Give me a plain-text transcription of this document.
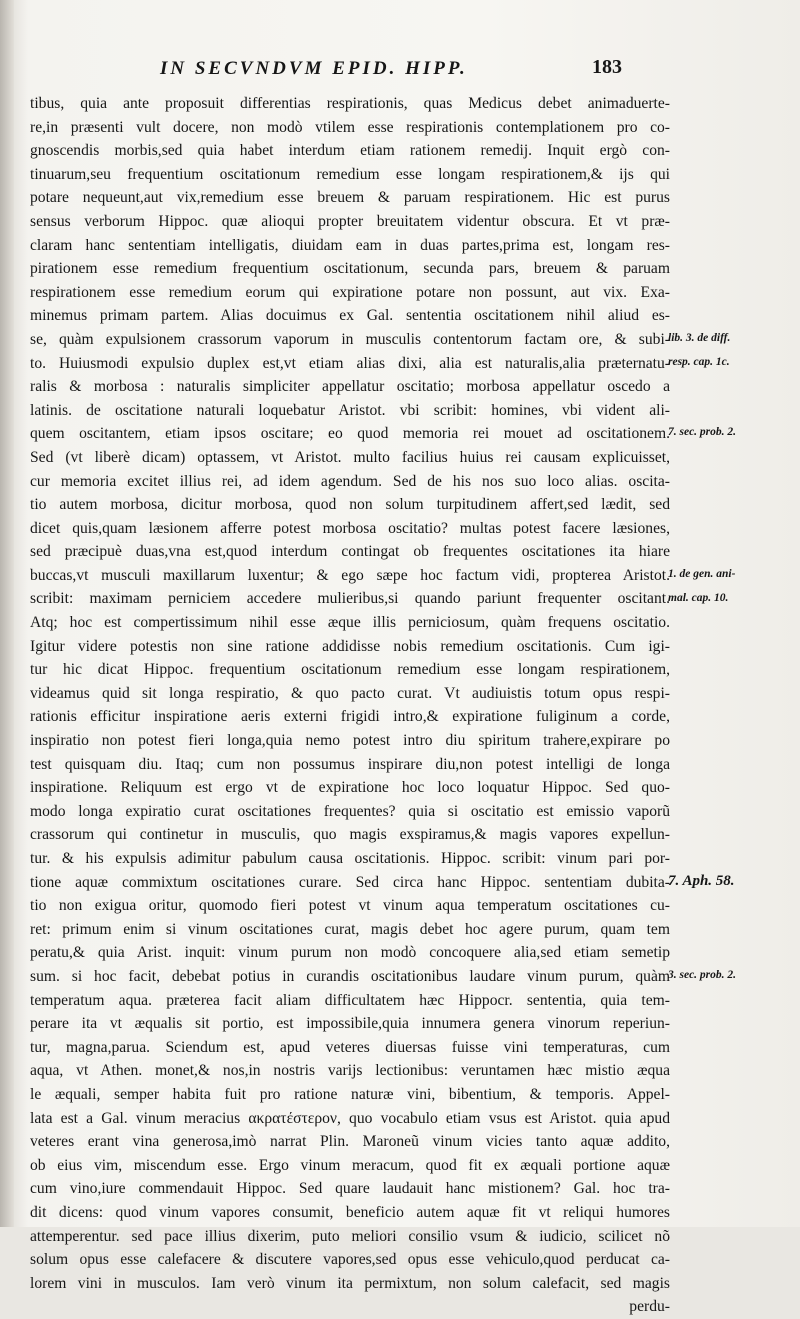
IN SECVNDVM EPID. HIPP.	183
tibus, quia ante proposuit differentias respirationis, quas Medicus debet animaduerte-
re,in præsenti vult docere, non modò vtilem esse respirationis contemplationem pro co-
gnoscendis morbis,sed quia habet interdum etiam rationem remedij. Inquit ergò con-
tinuarum,seu frequentium oscitationum remedium esse longam respirationem,& ijs qui
potare nequeunt,aut vix,remedium esse breuem & paruam respirationem. Hic est purus
sensus verborum Hippoc. quæ alioqui propter breuitatem videntur obscura. Et vt præ-
claram hanc sententiam intelligatis, diuidam eam in duas partes,prima est, longam res-
pirationem esse remedium frequentium oscitationum, secunda pars, breuem & paruam
respirationem esse remedium eorum qui expiratione potare non possunt, aut vix. Exa-
minemus primam partem. Alias docuimus ex Gal. sententia oscitationem nihil aliud es-
se, quàm expulsionem crassorum vaporum in musculis contentorum factam ore, & subi-
to. Huiusmodi expulsio duplex est,vt etiam alias dixi, alia est naturalis,alia præternatu-
ralis & morbosa : naturalis simpliciter appellatur oscitatio; morbosa appellatur oscedo a
latinis. de oscitatione naturali loquebatur Aristot. vbi scribit: homines, vbi vident ali-
quem oscitantem, etiam ipsos oscitare; eo quod memoria rei mouet ad oscitationem.
Sed (vt liberè dicam) optassem, vt Aristot. multo facilius huius rei causam explicuisset,
cur memoria excitet illius rei, ad idem agendum. Sed de his nos suo loco alias. oscita-
tio autem morbosa, dicitur morbosa, quod non solum turpitudinem affert,sed lædit, sed
dicet quis,quam læsionem afferre potest morbosa oscitatio? multas potest facere læsiones,
sed præcipuè duas,vna est,quod interdum contingat ob frequentes oscitationes ita hiare
buccas,vt musculi maxillarum luxentur; & ego sæpe hoc factum vidi, propterea Aristot.
scribit: maximam perniciem accedere mulieribus,si quando pariunt frequenter oscitant.
Atq; hoc est compertissimum nihil esse æque illis perniciosum, quàm frequens oscitatio.
Igitur videre potestis non sine ratione addidisse nobis remedium oscitationis. Cum igi-
tur hic dicat Hippoc. frequentium oscitationum remedium esse longam respirationem,
videamus quid sit longa respiratio, & quo pacto curat. Vt audiuistis totum opus respi-
rationis efficitur inspiratione aeris externi frigidi intro,& expiratione fuliginum a corde,
inspiratio non potest fieri longa,quia nemo potest intro diu spiritum trahere,expirare po
test quisquam diu. Itaq; cum non possumus inspirare diu,non potest intelligi de longa
inspiratione. Reliquum est ergo vt de expiratione hoc loco loquatur Hippoc. Sed quo-
modo longa expiratio curat oscitationes frequentes? quia si oscitatio est emissio vaporũ
crassorum qui continetur in musculis, quo magis exspiramus,& magis vapores expellun-
tur. & his expulsis adimitur pabulum causa oscitationis. Hippoc. scribit: vinum pari por-
tione aquæ commixtum oscitationes curare. Sed circa hanc Hippoc. sententiam dubita-
tio non exigua oritur, quomodo fieri potest vt vinum aqua temperatum oscitationes cu-
ret: primum enim si vinum oscitationes curat, magis debet hoc agere purum, quam tem
peratu,& quia Arist. inquit: vinum purum non modò concoquere alia,sed etiam semetip
sum. si hoc facit, debebat potius in curandis oscitationibus laudare vinum purum, quàm
temperatum aqua. præterea facit aliam difficultatem hæc Hippocr. sententia, quia tem-
perare ita vt æqualis sit portio, est impossibile,quia innumera genera vinorum reperiun-
tur, magna,parua. Sciendum est, apud veteres diuersas fuisse vini temperaturas, cum
aqua, vt Athen. monet,& nos,in nostris varijs lectionibus: veruntamen hæc mistio æqua
le æquali, semper habita fuit pro ratione naturæ vini, bibentium, & temporis. Appel-
lata est a Gal. vinum meracius ακρατέστερον, quo vocabulo etiam vsus est Aristot. quia apud
veteres erant vina generosa,imò narrat Plin. Maroneũ vinum vicies tanto aquæ addito,
ob eius vim, miscendum esse. Ergo vinum meracum, quod fit ex æquali portione aquæ
cum vino,iure commendauit Hippoc. Sed quare laudauit hanc mistionem? Gal. hoc tra-
dit dicens: quod vinum vapores consumit, beneficio autem aquæ fit vt reliqui humores
attemperentur. sed pace illius dixerim, puto meliori consilio vsum & iudicio, scilicet nõ
solum opus esse calefacere & discutere vapores,sed opus esse vehiculo,quod perducat ca-
lorem vini in musculos. Iam verò vinum ita permixtum, non solum calefacit, sed magis
perdu-
lib. 3. de diff.
resp. cap. 1c.
7. sec. prob. 2.
1. de gen. ani-
mal. cap. 10.
7. Aph. 58.
3. sec. prob. 2.
